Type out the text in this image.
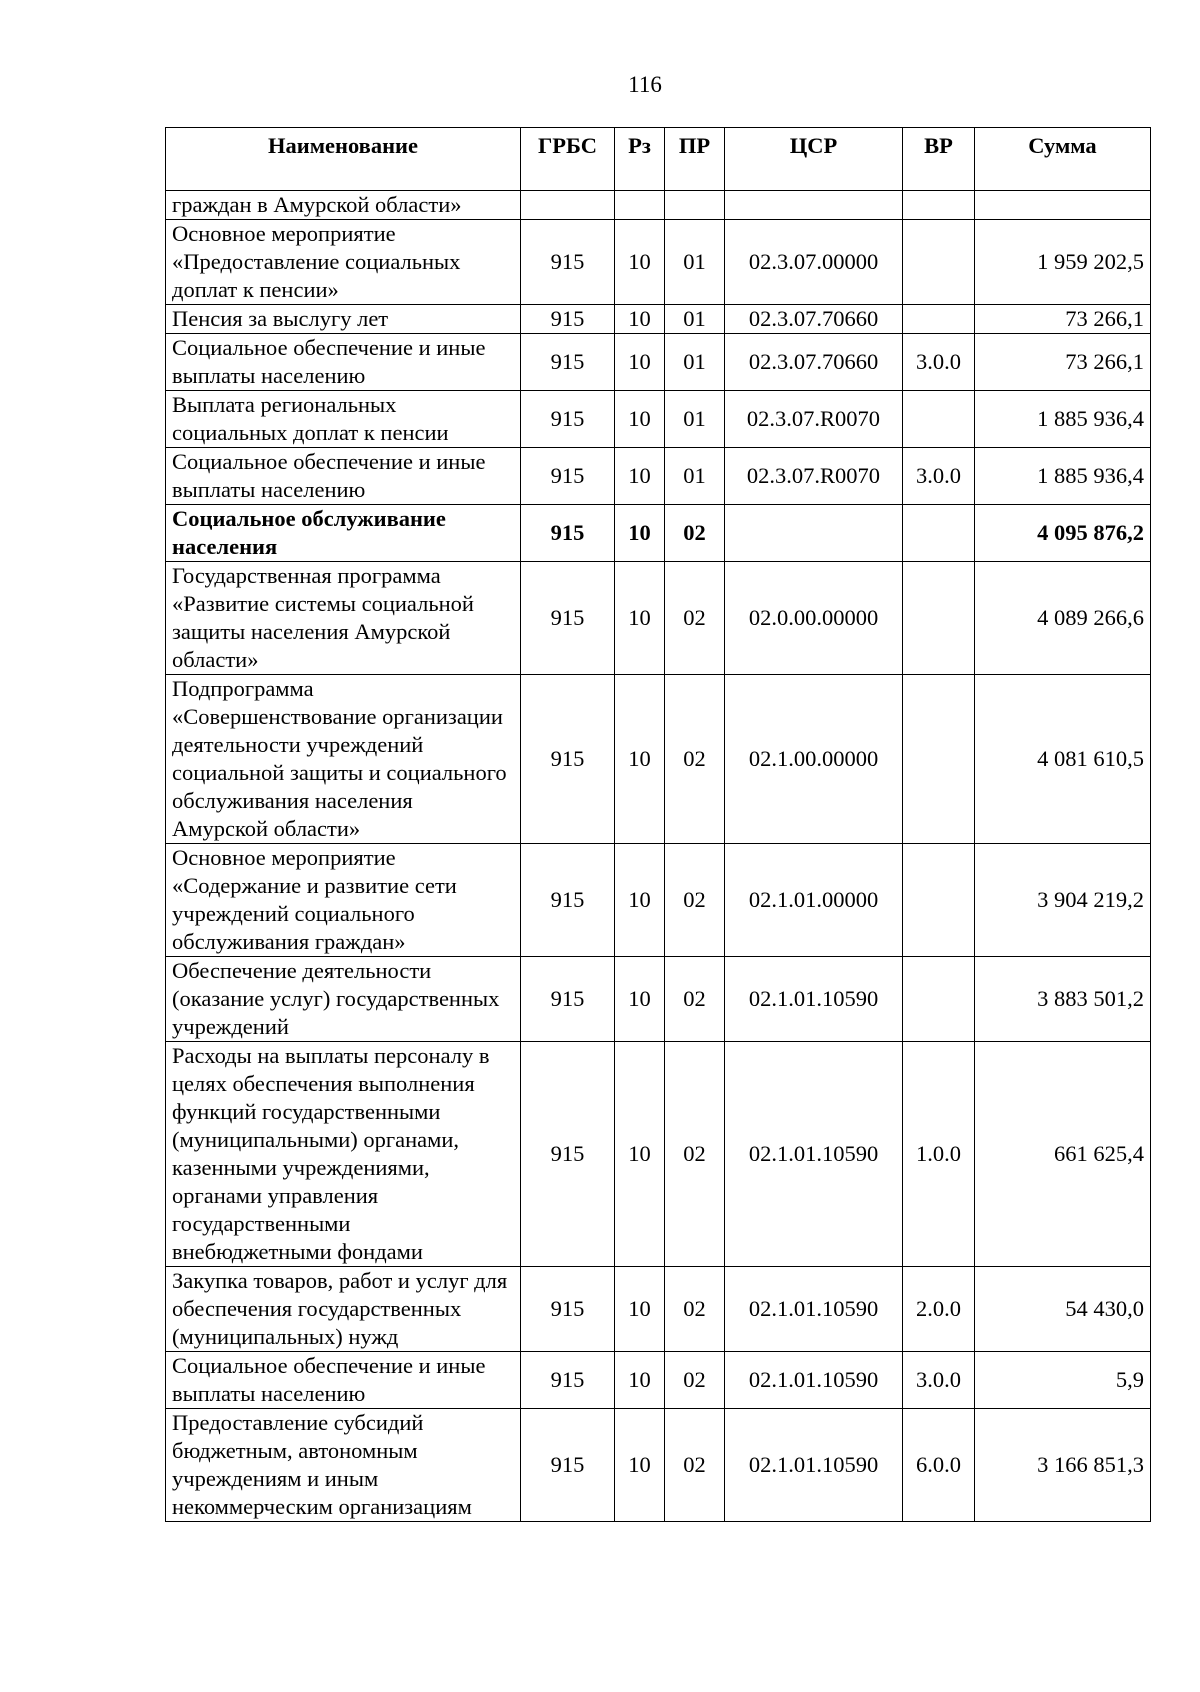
116
Наименование	ГРБС	Рз	ПР	ЦСР	ВР	Сумма
граждан в Амурской области»						
Основное мероприятие «Предоставление социальных доплат к пенсии»	915	10	01	02.3.07.00000		1 959 202,5
Пенсия за выслугу лет	915	10	01	02.3.07.70660		73 266,1
Социальное обеспечение и иные выплаты населению	915	10	01	02.3.07.70660	3.0.0	73 266,1
Выплата региональных социальных доплат к пенсии	915	10	01	02.3.07.R0070		1 885 936,4
Социальное обеспечение и иные выплаты населению	915	10	01	02.3.07.R0070	3.0.0	1 885 936,4
Социальное обслуживание населения	915	10	02			4 095 876,2
Государственная программа «Развитие системы социальной защиты населения Амурской области»	915	10	02	02.0.00.00000		4 089 266,6
Подпрограмма «Совершенствование организации деятельности учреждений социальной защиты и социального обслуживания населения Амурской области»	915	10	02	02.1.00.00000		4 081 610,5
Основное мероприятие «Содержание и развитие сети учреждений социального обслуживания граждан»	915	10	02	02.1.01.00000		3 904 219,2
Обеспечение деятельности (оказание услуг) государственных учреждений	915	10	02	02.1.01.10590		3 883 501,2
Расходы на выплаты персоналу в целях обеспечения выполнения функций государственными (муниципальными) органами, казенными учреждениями, органами управления государственными внебюджетными фондами	915	10	02	02.1.01.10590	1.0.0	661 625,4
Закупка товаров, работ и услуг для обеспечения государственных (муниципальных) нужд	915	10	02	02.1.01.10590	2.0.0	54 430,0
Социальное обеспечение и иные выплаты населению	915	10	02	02.1.01.10590	3.0.0	5,9
Предоставление субсидий бюджетным, автономным учреждениям и иным некоммерческим организациям	915	10	02	02.1.01.10590	6.0.0	3 166 851,3
